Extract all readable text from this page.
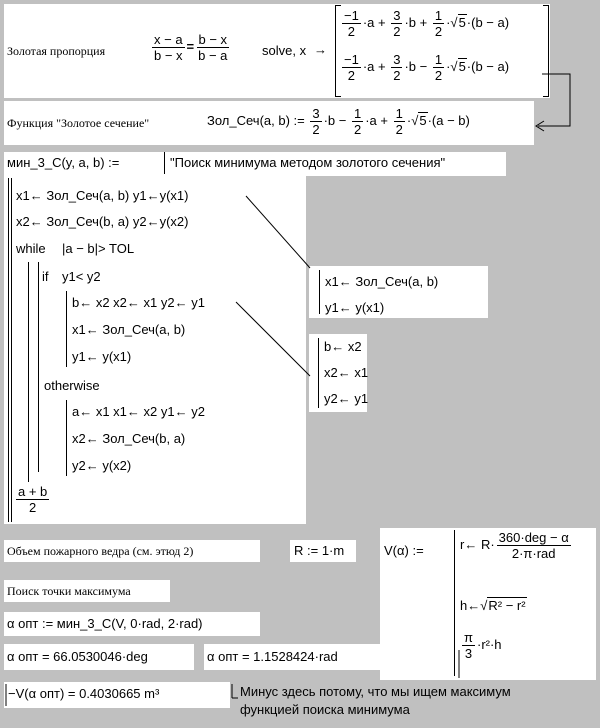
Золотая пропорция	$\frac{x - a}{b - x} = \frac{b - x}{b - a}$	solve, x →
$\frac{-1}{2} \cdot a + \frac{3}{2} \cdot b + \frac{1}{2} \cdot√5\cdot(b - a)$
$\frac{-1}{2} \cdot a + \frac{3}{2} \cdot b - \frac{1}{2} \cdot√5\cdot(b - a)$
Функция "Золотое сечение"	Зол_Сеч(a, b) := $\frac{3}{2} \cdot b - \frac{1}{2} \cdot a + \frac{1}{2} \cdot√5\cdot(a - b)$
мин_3_С(y, a, b) :=	"Поиск минимума методом золотого сечения"
x1← Зол_Сеч(a, b) y1←y(x1)
x2← Зол_Сеч(b, a) y2←y(x2)
while |a − b|> TOL
if y1< y2
b← x2 x2← x1 y2← y1
x1← Зол_Сеч(a, b)
y1← y(x1)
otherwise
a← x1 x1← x2 y1← y2
x2← Зол_Сеч(b, a)
y2← y(x2)
$\frac{a + b}{2}$
x1← Зол_Сеч(a, b)
y1← y(x1)
b← x2
x2← x1
y2← y1
Объем пожарного ведра (см. этюд 2)	R := 1·m	V(α) :=	r← $R\cdot \frac{\text{360·deg − α}}{\text{2·π·rad}}$
h←√R² − r²
$\frac{\pi}{3} \cdot r^2\cdot h$
Поиск точки максимума
α опт := мин_3_С(V, 0·rad, 2·rad)
α опт = 66.0530046·deg	α опт = 1.1528424·rad
−V(α опт) = 0.4030665 m³	Минус здесь потому, что мы ищем максимум
функцией поиска минимума
